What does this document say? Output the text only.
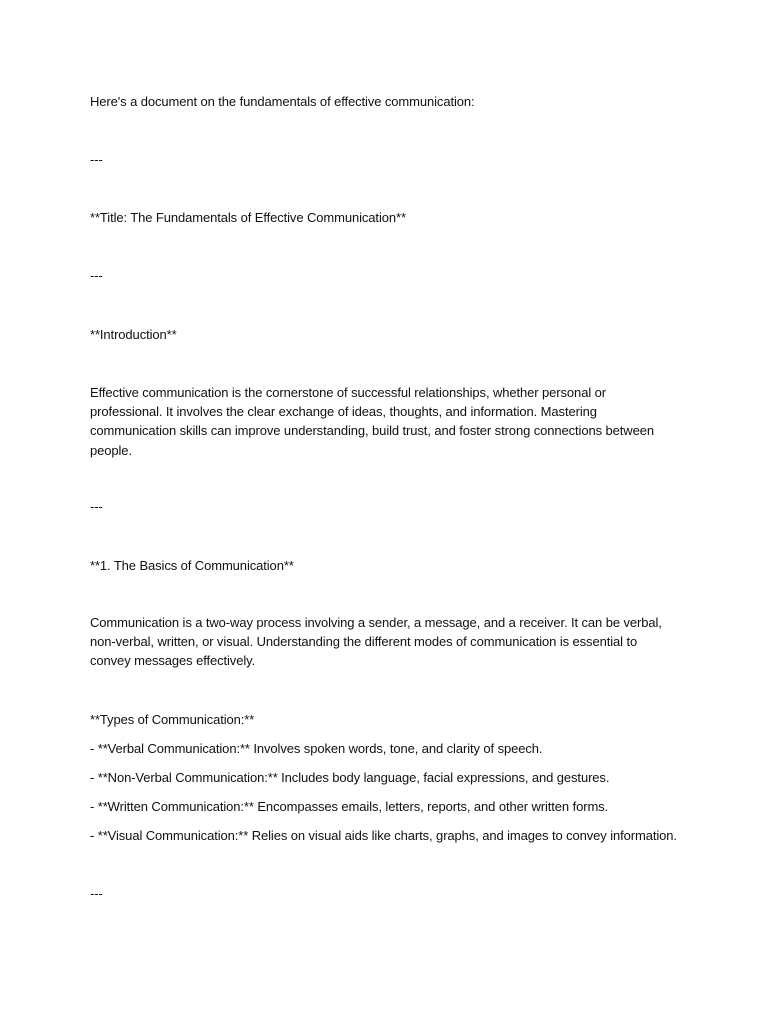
Here's a document on the fundamentals of effective communication:
---
**Title: The Fundamentals of Effective Communication**
---
**Introduction**
Effective communication is the cornerstone of successful relationships, whether personal or professional. It involves the clear exchange of ideas, thoughts, and information. Mastering communication skills can improve understanding, build trust, and foster strong connections between people.
---
**1. The Basics of Communication**
Communication is a two-way process involving a sender, a message, and a receiver. It can be verbal, non-verbal, written, or visual. Understanding the different modes of communication is essential to convey messages effectively.
**Types of Communication:**
- **Verbal Communication:** Involves spoken words, tone, and clarity of speech.
- **Non-Verbal Communication:** Includes body language, facial expressions, and gestures.
- **Written Communication:** Encompasses emails, letters, reports, and other written forms.
- **Visual Communication:** Relies on visual aids like charts, graphs, and images to convey information.
---
